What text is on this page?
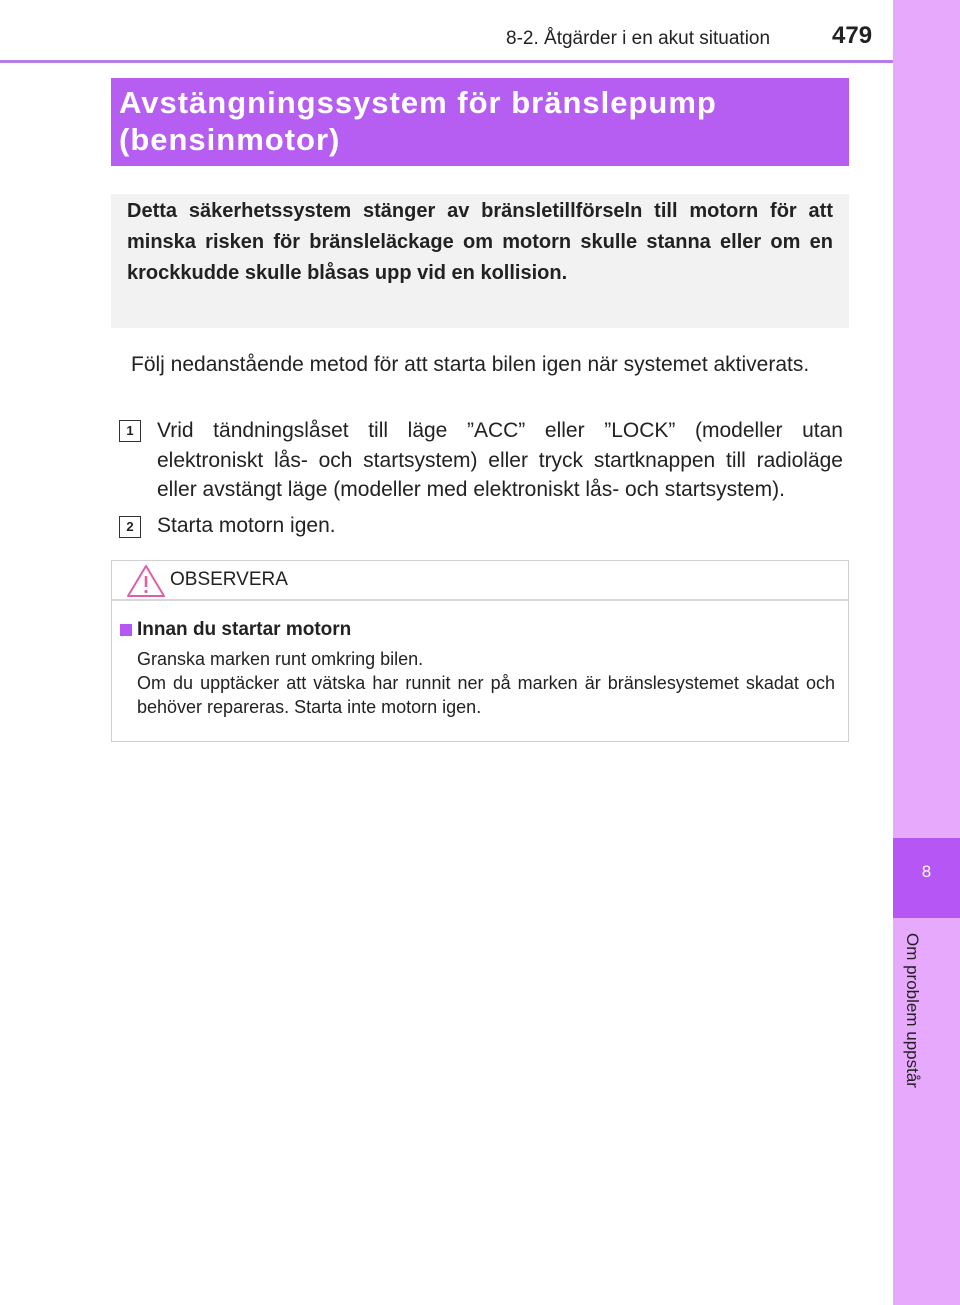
8-2. Åtgärder i en akut situation	479
8
Om problem uppstår
Avstängningssystem för bränslepump (bensinmotor)
Detta säkerhetssystem stänger av bränsletillförseln till motorn för att minska risken för bränsleläckage om motorn skulle stanna eller om en krockkudde skulle blåsas upp vid en kollision.
Följ nedanstående metod för att starta bilen igen när systemet aktiverats.
1	Vrid tändningslåset till läge ”ACC” eller ”LOCK” (modeller utan elektroniskt lås- och startsystem) eller tryck startknappen till radioläge eller avstängt läge (modeller med elektroniskt lås- och startsystem).
2	Starta motorn igen.
OBSERVERA
Innan du startar motorn
Granska marken runt omkring bilen.
Om du upptäcker att vätska har runnit ner på marken är bränslesystemet skadat och behöver repareras. Starta inte motorn igen.
